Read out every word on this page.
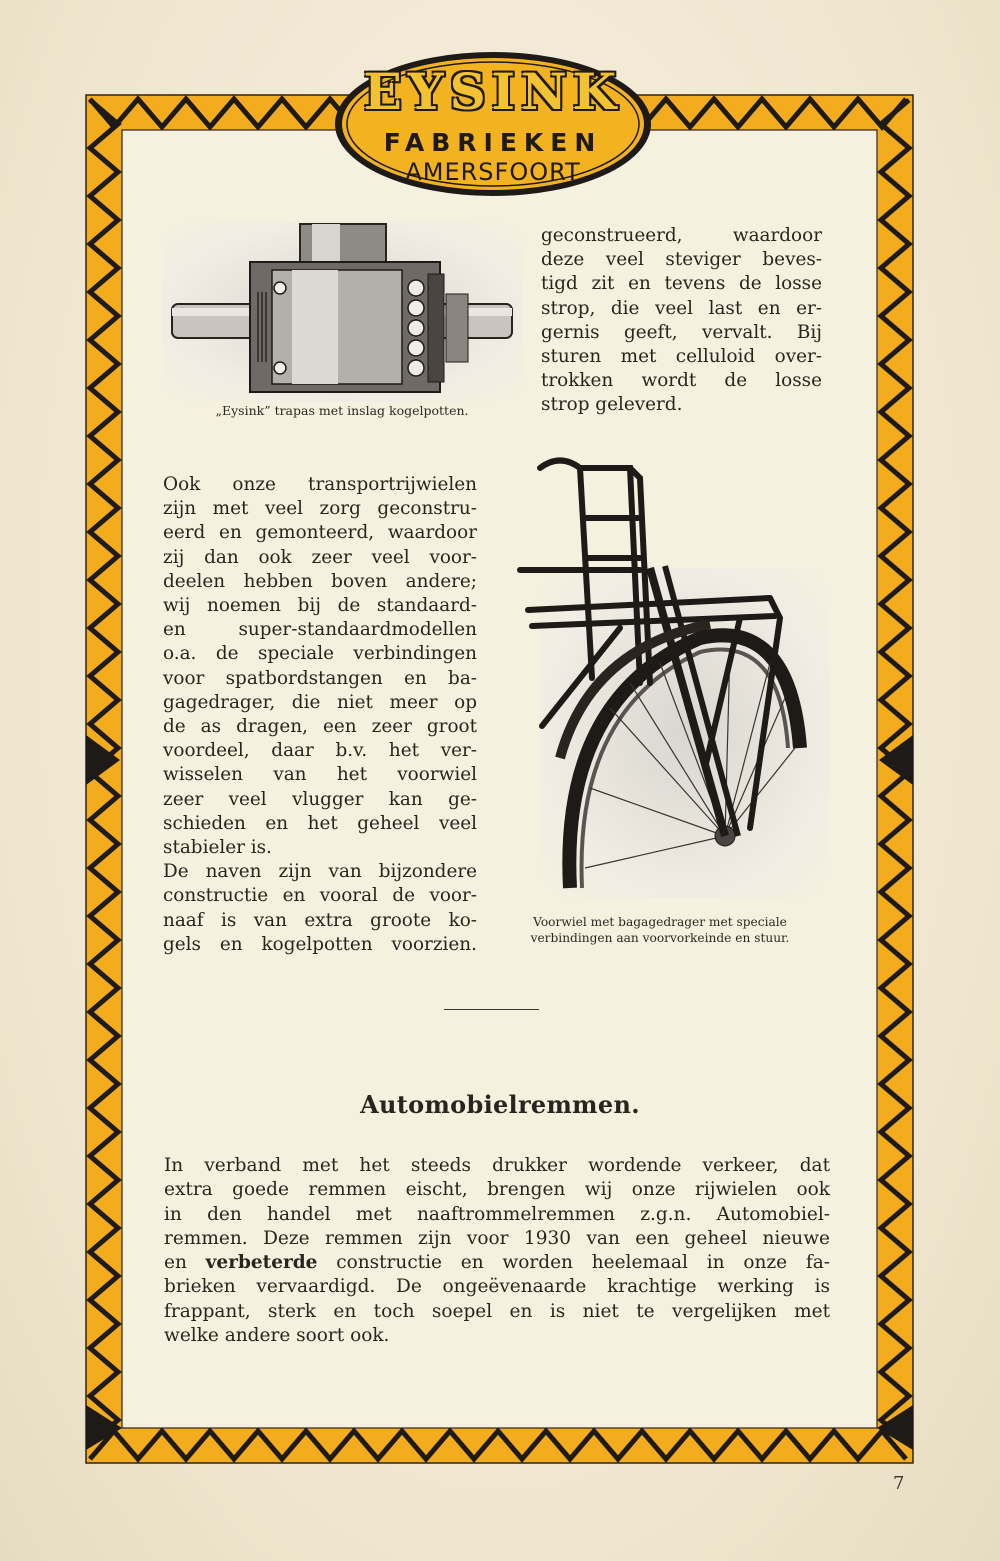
EYSINK
FABRIEKEN
AMERSFOORT
„Eysink” trapas met inslag kogelpotten.
geconstrueerd, waardoor
deze veel steviger beves-
tigd zit en tevens de losse
strop, die veel last en er-
gernis geeft, vervalt. Bij
sturen met celluloid over-
trokken wordt de losse
strop geleverd.
Ook onze transportrijwielen
zijn met veel zorg geconstru-
eerd en gemonteerd, waardoor
zij dan ook zeer veel voor-
deelen hebben boven andere;
wij noemen bij de standaard-
en super-standaardmodellen
o.a. de speciale verbindingen
voor spatbordstangen en ba-
gagedrager, die niet meer op
de as dragen, een zeer groot
voordeel, daar b.v. het ver-
wisselen van het voorwiel
zeer veel vlugger kan ge-
schieden en het geheel veel
stabieler is.
De naven zijn van bijzondere
constructie en vooral de voor-
naaf is van extra groote ko-
gels en kogelpotten voorzien.
Voorwiel met bagagedrager met speciale
verbindingen aan voorvorkeinde en stuur.
Automobielremmen.
In verband met het steeds drukker wordende verkeer, dat
extra goede remmen eischt, brengen wij onze rijwielen ook
in den handel met naaftrommelremmen z.g.n. Automobiel-
remmen. Deze remmen zijn voor 1930 van een geheel nieuwe
en verbeterde constructie en worden heelemaal in onze fa-
brieken vervaardigd. De ongeëvenaarde krachtige werking is
frappant, sterk en toch soepel en is niet te vergelijken met
welke andere soort ook.
7
